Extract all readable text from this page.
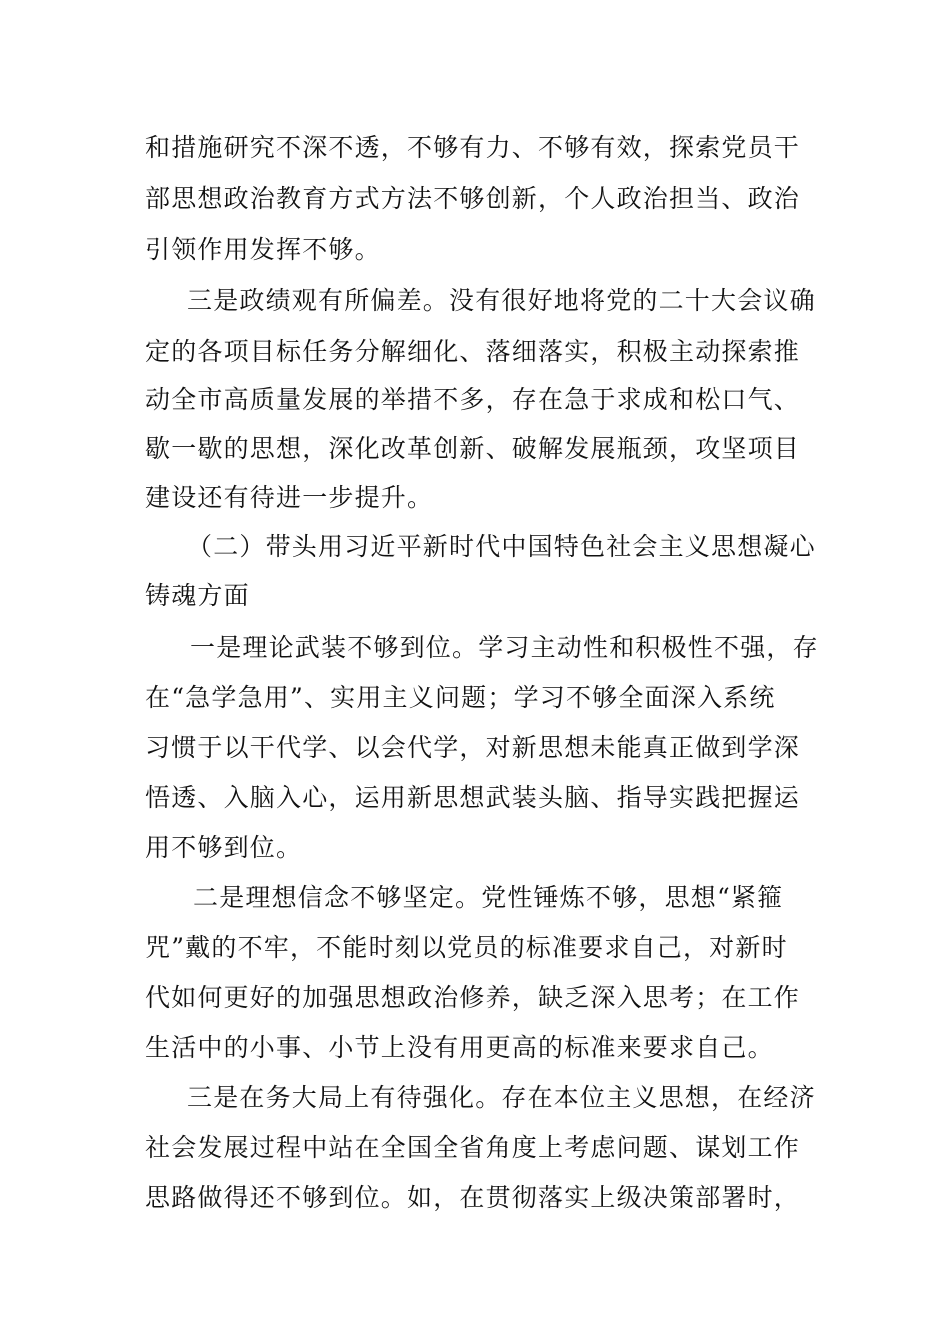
和措施研究不深不透，不够有力、不够有效，探索党员干
部思想政治教育方式方法不够创新，个人政治担当、政治
引领作用发挥不够。
三是政绩观有所偏差。没有很好地将党的二十大会议确
定的各项目标任务分解细化、落细落实，积极主动探索推
动全市高质量发展的举措不多，存在急于求成和松口气、
歇一歇的思想，深化改革创新、破解发展瓶颈，攻坚项目
建设还有待进一步提升。
（二）带头用习近平新时代中国特色社会主义思想凝心
铸魂方面
一是理论武装不够到位。学习主动性和积极性不强，存
在“急学急用”、实用主义问题；学习不够全面深入系统
习惯于以干代学、以会代学，对新思想未能真正做到学深
悟透、入脑入心，运用新思想武装头脑、指导实践把握运
用不够到位。
二是理想信念不够坚定。党性锤炼不够，思想“紧箍
咒”戴的不牢，不能时刻以党员的标准要求自己，对新时
代如何更好的加强思想政治修养，缺乏深入思考；在工作
生活中的小事、小节上没有用更高的标准来要求自己。
三是在务大局上有待强化。存在本位主义思想，在经济
社会发展过程中站在全国全省角度上考虑问题、谋划工作
思路做得还不够到位。如，在贯彻落实上级决策部署时，
